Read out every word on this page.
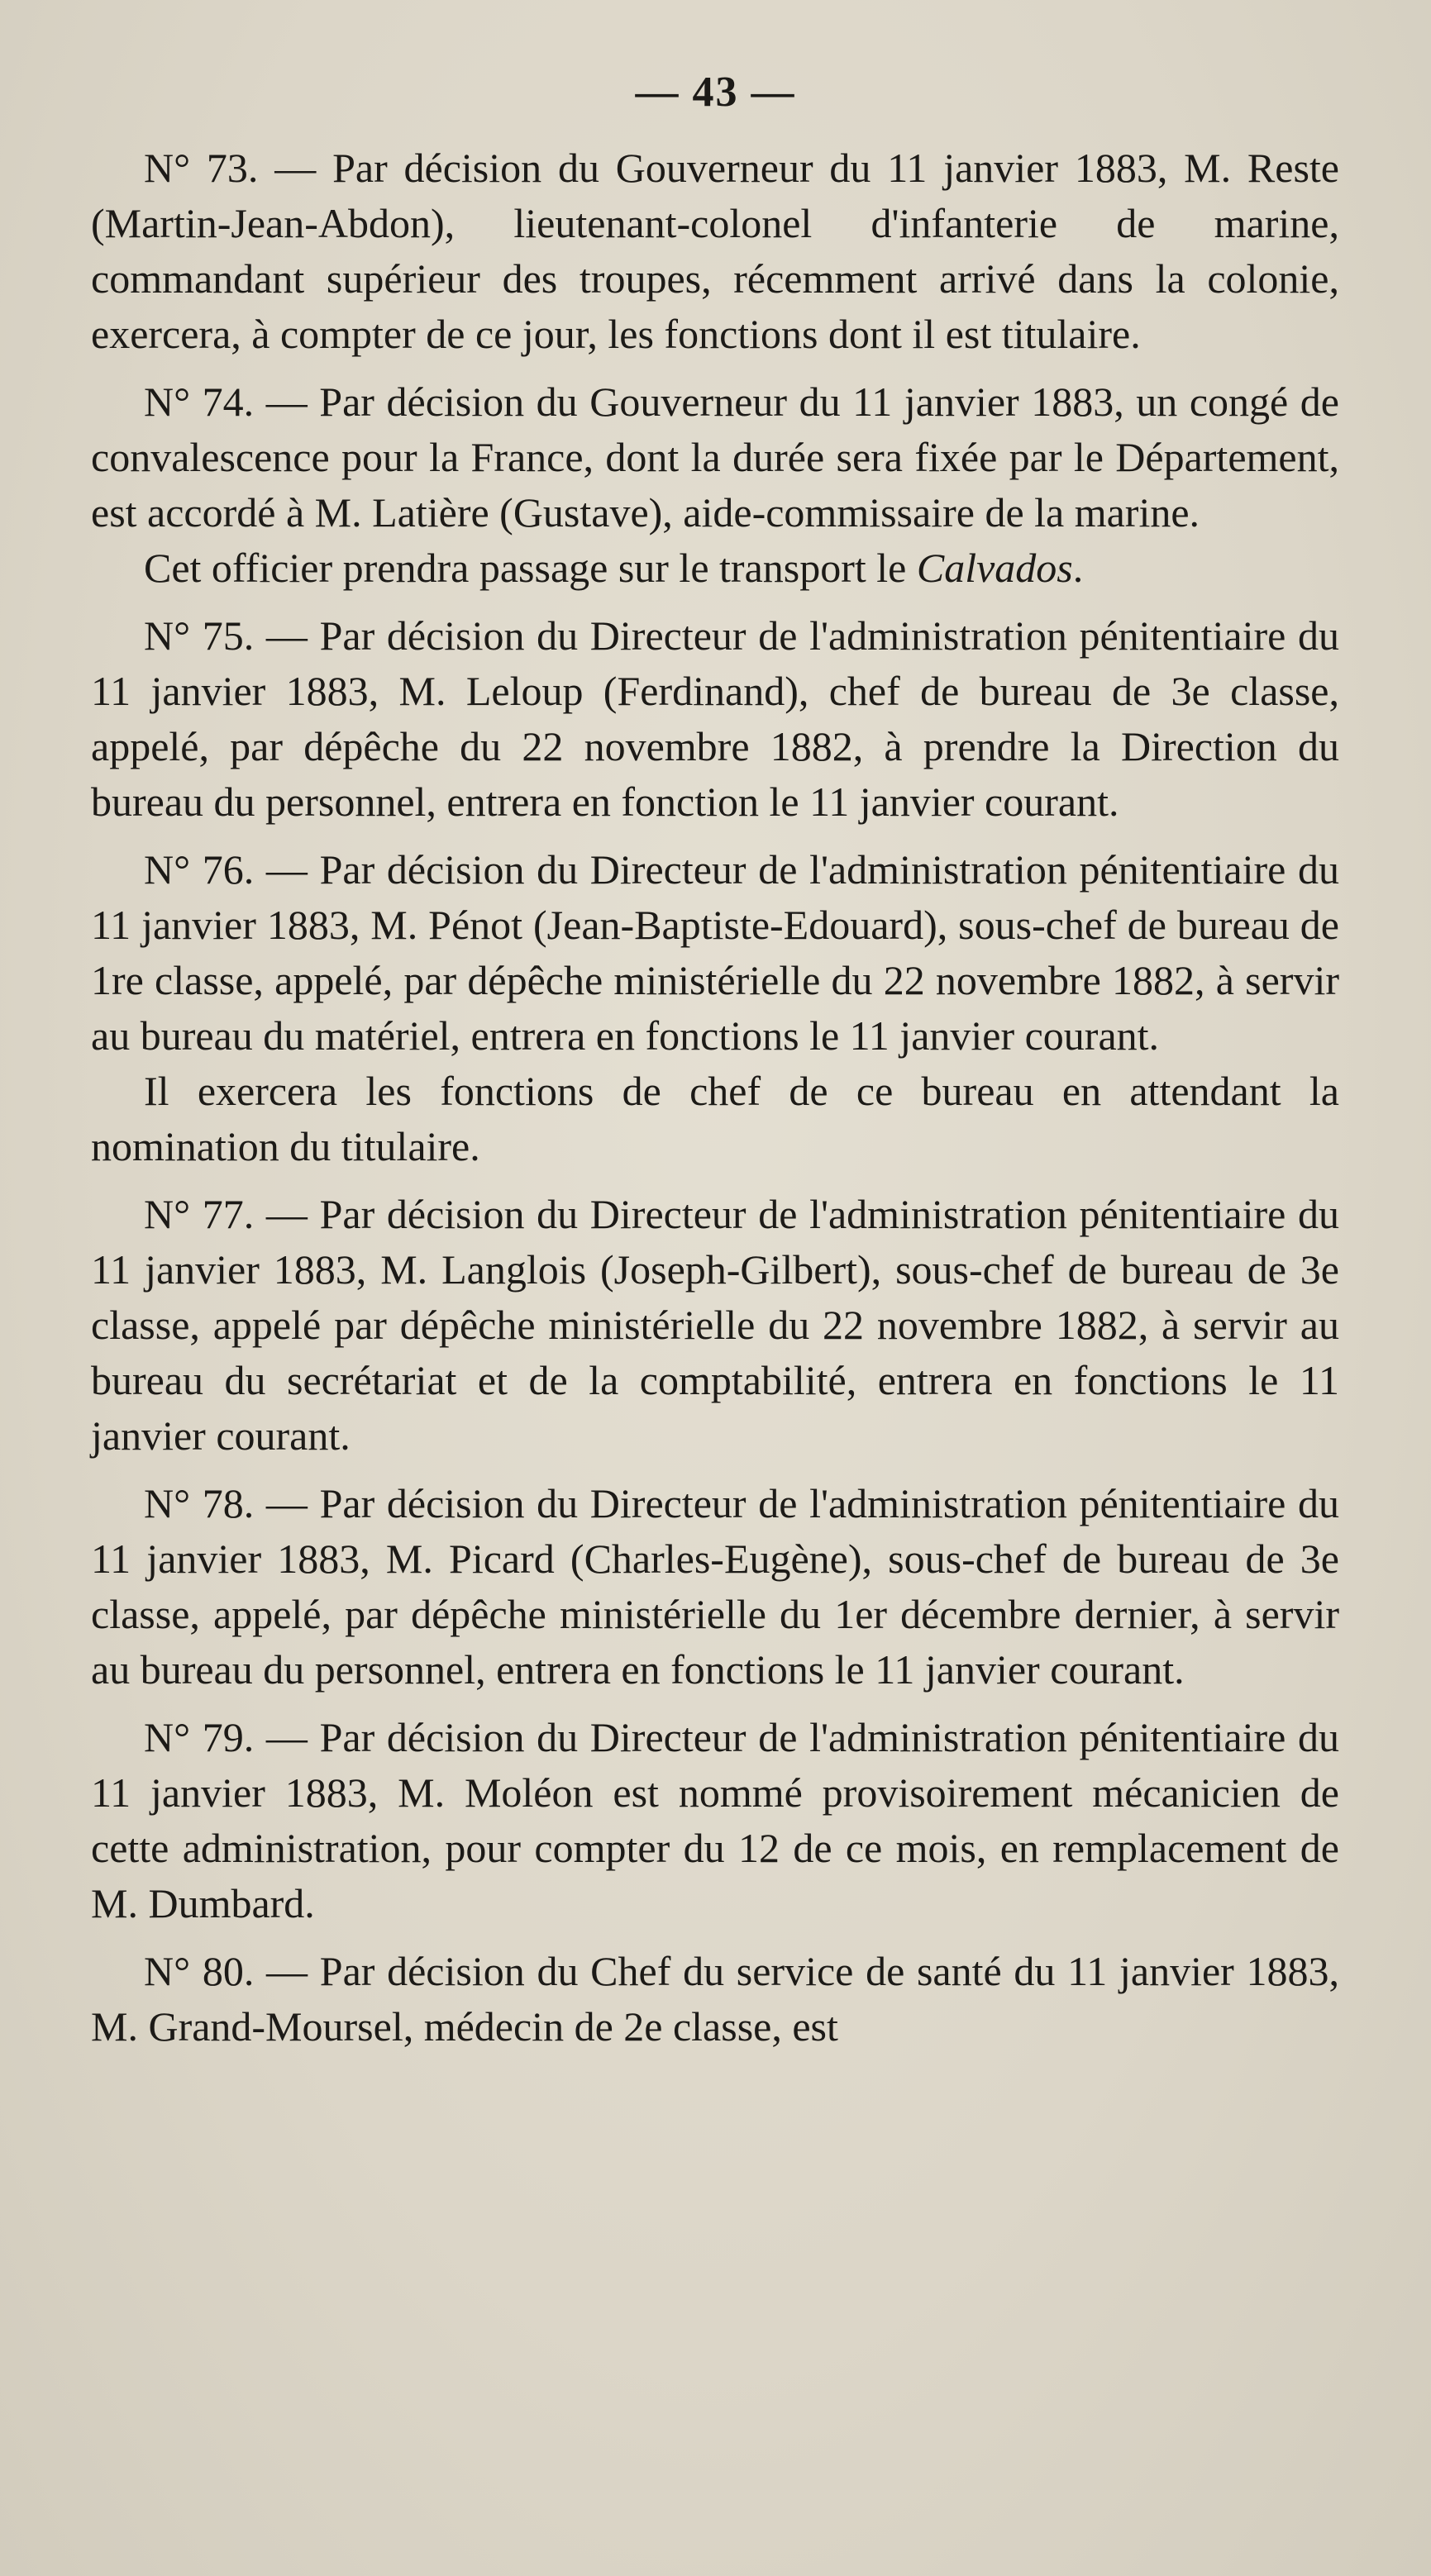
— 43 —

N° 73. — Par décision du Gouverneur du 11 janvier 1883, M. Reste (Martin-Jean-Abdon), lieutenant-colonel d'infanterie de marine, commandant supérieur des troupes, récemment arrivé dans la colonie, exercera, à compter de ce jour, les fonctions dont il est titulaire.

N° 74. — Par décision du Gouverneur du 11 janvier 1883, un congé de convalescence pour la France, dont la durée sera fixée par le Département, est accordé à M. Latière (Gustave), aide-commissaire de la marine.

Cet officier prendra passage sur le transport le Calvados.

N° 75. — Par décision du Directeur de l'administration pénitentiaire du 11 janvier 1883, M. Leloup (Ferdinand), chef de bureau de 3e classe, appelé, par dépêche du 22 novembre 1882, à prendre la Direction du bureau du personnel, entrera en fonction le 11 janvier courant.

N° 76. — Par décision du Directeur de l'administration pénitentiaire du 11 janvier 1883, M. Pénot (Jean-Baptiste-Edouard), sous-chef de bureau de 1re classe, appelé, par dépêche ministérielle du 22 novembre 1882, à servir au bureau du matériel, entrera en fonctions le 11 janvier courant.

Il exercera les fonctions de chef de ce bureau en attendant la nomination du titulaire.

N° 77. — Par décision du Directeur de l'administration pénitentiaire du 11 janvier 1883, M. Langlois (Joseph-Gilbert), sous-chef de bureau de 3e classe, appelé par dépêche ministérielle du 22 novembre 1882, à servir au bureau du secrétariat et de la comptabilité, entrera en fonctions le 11 janvier courant.

N° 78. — Par décision du Directeur de l'administration pénitentiaire du 11 janvier 1883, M. Picard (Charles-Eugène), sous-chef de bureau de 3e classe, appelé, par dépêche ministérielle du 1er décembre dernier, à servir au bureau du personnel, entrera en fonctions le 11 janvier courant.

N° 79. — Par décision du Directeur de l'administration pénitentiaire du 11 janvier 1883, M. Moléon est nommé provisoirement mécanicien de cette administration, pour compter du 12 de ce mois, en remplacement de M. Dumbard.

N° 80. — Par décision du Chef du service de santé du 11 janvier 1883, M. Grand-Moursel, médecin de 2e classe, est
